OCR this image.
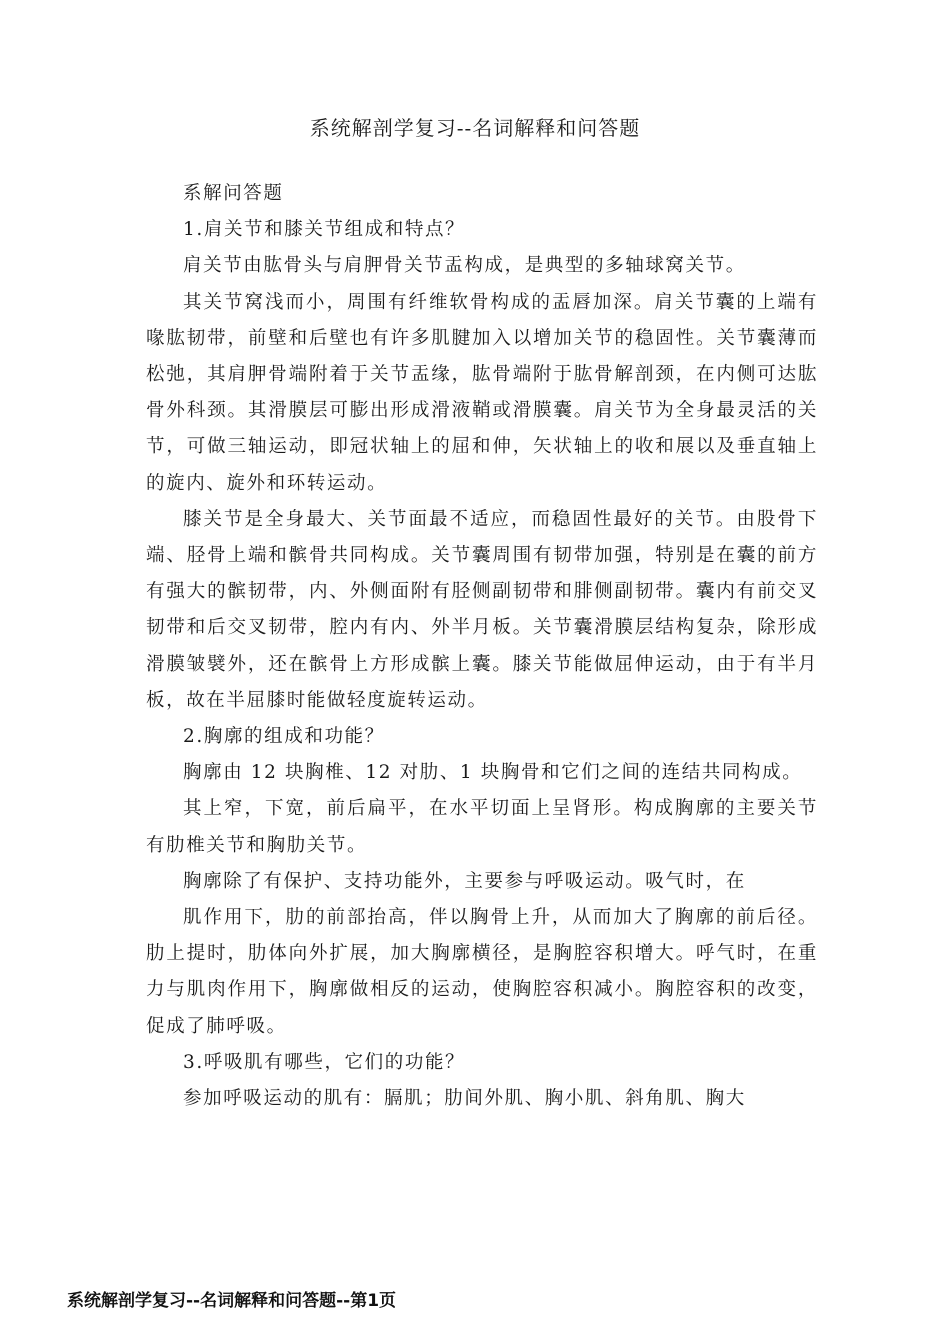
系统解剖学复习--名词解释和问答题

系解问答题

1.肩关节和膝关节组成和特点？

肩关节由肱骨头与肩胛骨关节盂构成，是典型的多轴球窝关节。

其关节窝浅而小，周围有纤维软骨构成的盂唇加深。肩关节囊的上端有喙肱韧带，前壁和后壁也有许多肌腱加入以增加关节的稳固性。关节囊薄而松弛，其肩胛骨端附着于关节盂缘，肱骨端附于肱骨解剖颈，在内侧可达肱骨外科颈。其滑膜层可膨出形成滑液鞘或滑膜囊。肩关节为全身最灵活的关节，可做三轴运动，即冠状轴上的屈和伸，矢状轴上的收和展以及垂直轴上的旋内、旋外和环转运动。

膝关节是全身最大、关节面最不适应，而稳固性最好的关节。由股骨下端、胫骨上端和髌骨共同构成。关节囊周围有韧带加强，特别是在囊的前方有强大的髌韧带，内、外侧面附有胫侧副韧带和腓侧副韧带。囊内有前交叉韧带和后交叉韧带，腔内有内、外半月板。关节囊滑膜层结构复杂，除形成滑膜皱襞外，还在髌骨上方形成髌上囊。膝关节能做屈伸运动，由于有半月板，故在半屈膝时能做轻度旋转运动。

2.胸廓的组成和功能？

胸廓由 12 块胸椎、12 对肋、1 块胸骨和它们之间的连结共同构成。

其上窄，下宽，前后扁平，在水平切面上呈肾形。构成胸廓的主要关节有肋椎关节和胸肋关节。

胸廓除了有保护、支持功能外，主要参与呼吸运动。吸气时，在

肌作用下，肋的前部抬高，伴以胸骨上升，从而加大了胸廓的前后径。肋上提时，肋体向外扩展，加大胸廓横径，是胸腔容积增大。呼气时，在重力与肌肉作用下，胸廓做相反的运动，使胸腔容积减小。胸腔容积的改变，促成了肺呼吸。

3.呼吸肌有哪些，它们的功能？

参加呼吸运动的肌有：膈肌；肋间外肌、胸小肌、斜角肌、胸大

系统解剖学复习--名词解释和问答题--第1页
